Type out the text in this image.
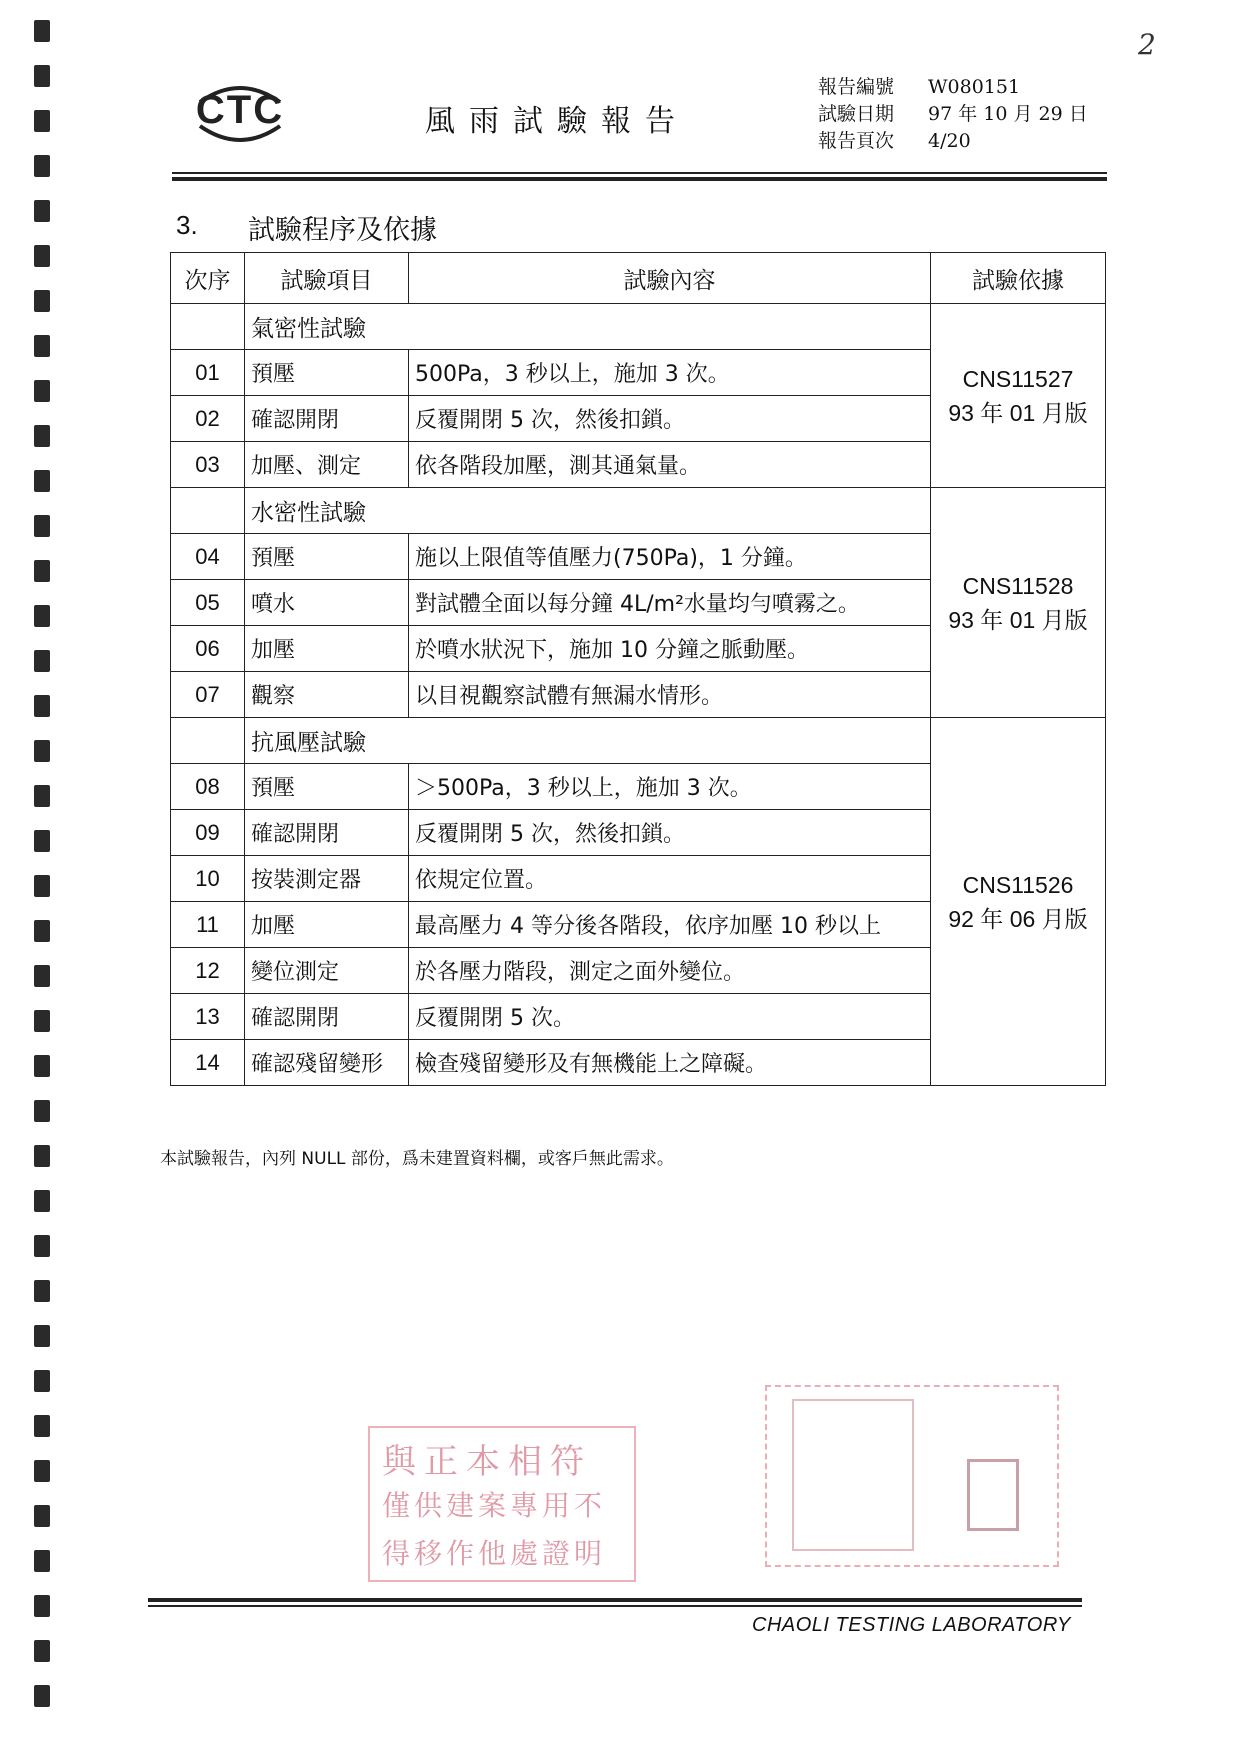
2
CTC	風雨試驗報告
報告編號	W080151
試驗日期	97 年 10 月 29 日
報告頁次	4/20
3. 試驗程序及依據
次序	試驗項目	試驗內容	試驗依據
	氣密性試驗		CNS11527
93 年 01 月版

01	預壓	500Pa，3 秒以上，施加 3 次。	
02	確認開閉	反覆開閉 5 次，然後扣鎖。	
03	加壓、測定	依各階段加壓，測其通氣量。	
	水密性試驗		CNS11528
93 年 01 月版

04	預壓	施以上限值等值壓力(750Pa)，1 分鐘。	
05	噴水	對試體全面以每分鐘 4L/m²水量均勻噴霧之。	
06	加壓	於噴水狀況下，施加 10 分鐘之脈動壓。	
07	觀察	以目視觀察試體有無漏水情形。	
	抗風壓試驗		CNS11526
92 年 06 月版

08	預壓	＞500Pa，3 秒以上，施加 3 次。	
09	確認開閉	反覆開閉 5 次，然後扣鎖。	
10	按裝測定器	依規定位置。	
11	加壓	最高壓力 4 等分後各階段，依序加壓 10 秒以上	
12	變位測定	於各壓力階段，測定之面外變位。	
13	確認開閉	反覆開閉 5 次。	
14	確認殘留變形	檢查殘留變形及有無機能上之障礙。	
本試驗報告，內列 NULL 部份，爲未建置資料欄，或客戶無此需求。
與正本相符
僅供建案專用不
得移作他處證明
CHAOLI TESTING LABORATORY
